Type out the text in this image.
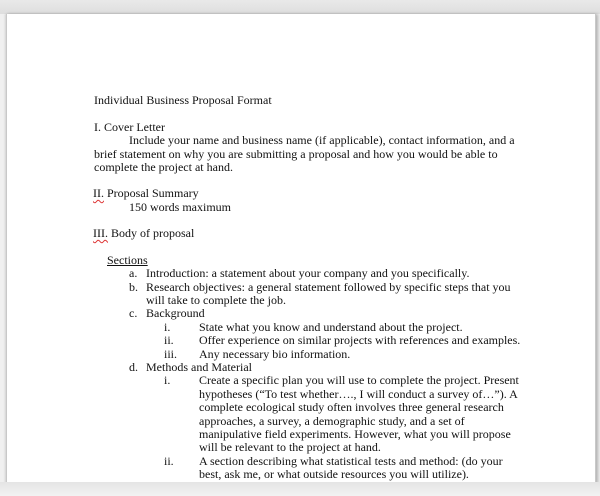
Individual Business Proposal Format
I. Cover Letter
Include your name and business name (if applicable), contact information, and a
brief statement on why you are submitting a proposal and how you would be able to
complete the project at hand.
II. Proposal Summary
150 words maximum
III. Body of proposal
Sections
a. Introduction: a statement about your company and you specifically.
b. Research objectives: a general statement followed by specific steps that you
will take to complete the job.
c. Background
i. State what you know and understand about the project.
ii. Offer experience on similar projects with references and examples.
iii. Any necessary bio information.
d. Methods and Material
i. Create a specific plan you will use to complete the project. Present
hypotheses (“To test whether…., I will conduct a survey of…”). A
complete ecological study often involves three general research
approaches, a survey, a demographic study, and a set of
manipulative field experiments. However, what you will propose
will be relevant to the project at hand.
ii. A section describing what statistical tests and method: (do your
best, ask me, or what outside resources you will utilize).
